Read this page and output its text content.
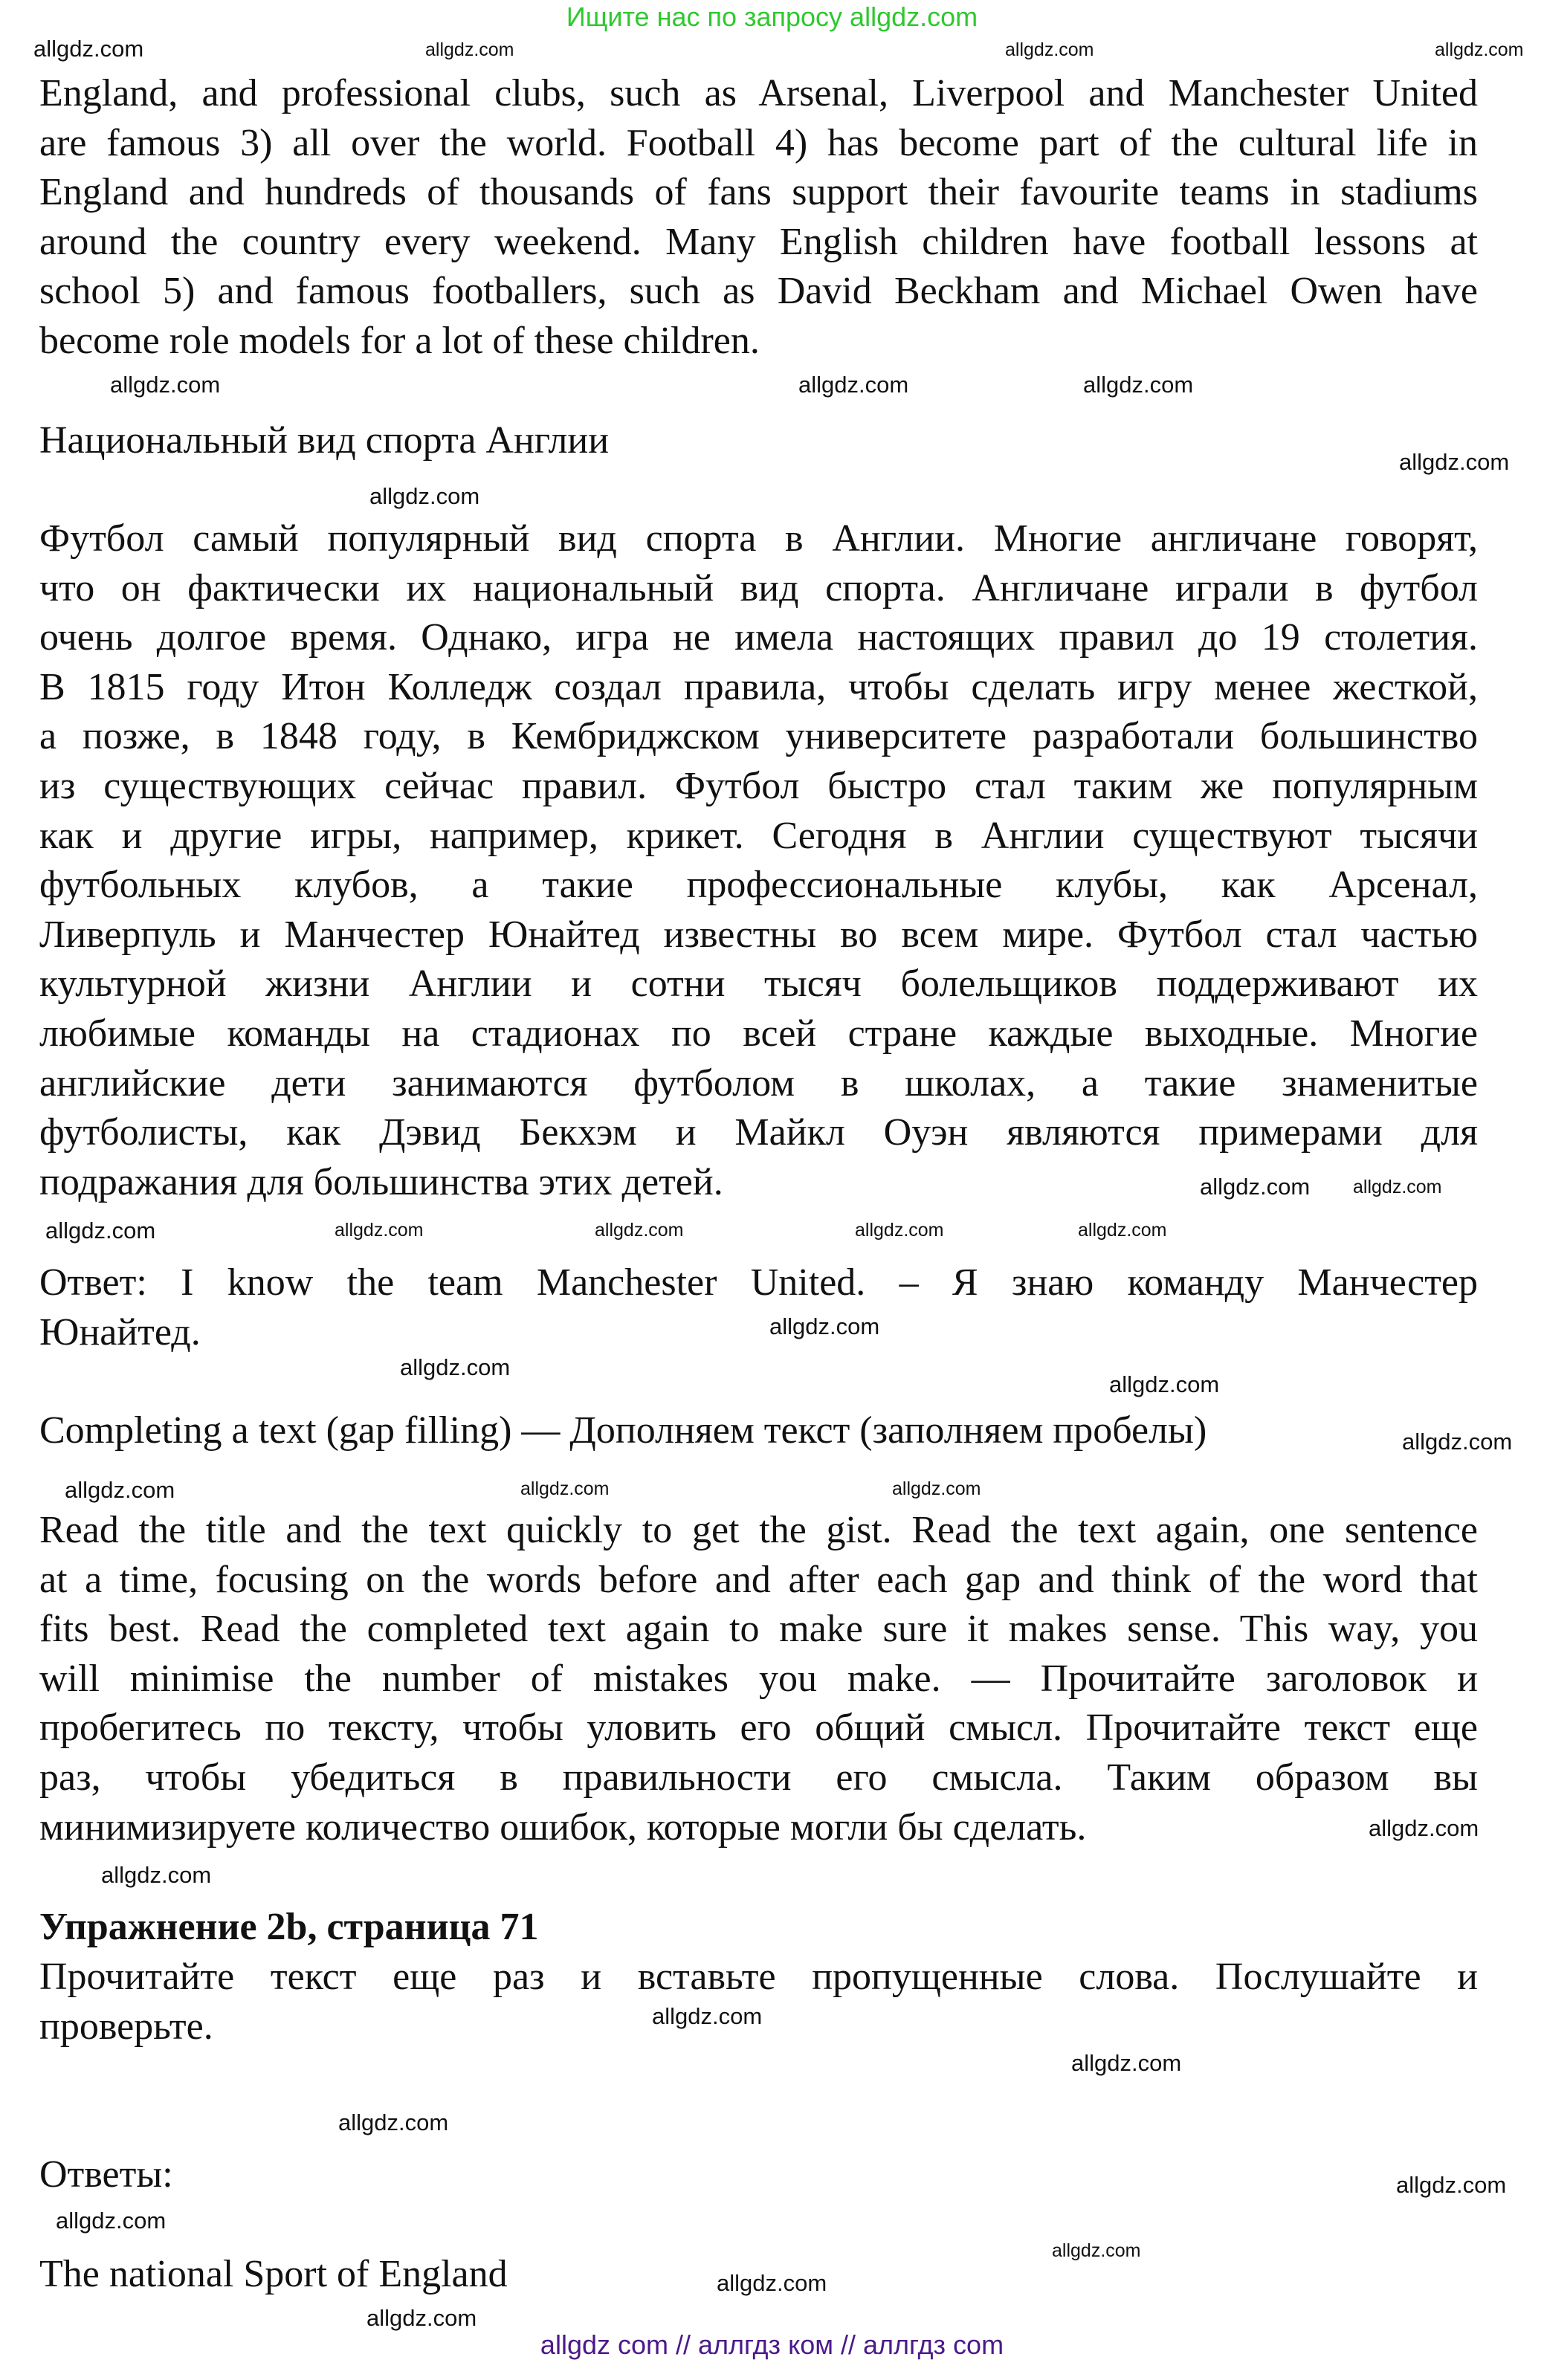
Ищите нас по запросу allgdz.com
England, and professional clubs, such as Arsenal, Liverpool and Manchester United
are famous 3) all over the world. Football 4) has become part of the cultural life in
England and hundreds of thousands of fans support their favourite teams in stadiums
around the country every weekend. Many English children have football lessons at
school 5) and famous footballers, such as David Beckham and Michael Owen have
become role models for a lot of these children.
Национальный вид спорта Англии
Футбол самый популярный вид спорта в Англии. Многие англичане говорят,
что он фактически их национальный вид спорта. Англичане играли в футбол
очень долгое время. Однако, игра не имела настоящих правил до 19 столетия.
В 1815 году Итон Колледж создал правила, чтобы сделать игру менее жесткой,
а позже, в 1848 году, в Кембриджском университете разработали большинство
из существующих сейчас правил. Футбол быстро стал таким же популярным
как и другие игры, например, крикет. Сегодня в Англии существуют тысячи
футбольных клубов, а такие профессиональные клубы, как Арсенал,
Ливерпуль и Манчестер Юнайтед известны во всем мире. Футбол стал частью
культурной жизни Англии и сотни тысяч болельщиков поддерживают их
любимые команды на стадионах по всей стране каждые выходные. Многие
английские дети занимаются футболом в школах, а такие знаменитые
футболисты, как Дэвид Бекхэм и Майкл Оуэн являются примерами для
подражания для большинства этих детей.
Ответ: I know the team Manchester United. – Я знаю команду Манчестер
Юнайтед.
Completing a text (gap filling) — Дополняем текст (заполняем пробелы)
Read the title and the text quickly to get the gist. Read the text again, one sentence
at a time, focusing on the words before and after each gap and think of the word that
fits best. Read the completed text again to make sure it makes sense. This way, you
will minimise the number of mistakes you make. — Прочитайте заголовок и
пробегитесь по тексту, чтобы уловить его общий смысл. Прочитайте текст еще
раз, чтобы убедиться в правильности его смысла. Таким образом вы
минимизируете количество ошибок, которые могли бы сделать.
Упражнение 2b, страница 71
Прочитайте текст еще раз и вставьте пропущенные слова. Послушайте и
проверьте.
Ответы:
The national Sport of England
allgdz.com	allgdz.com	allgdz.com
allgdz.com
allgdz.com
allgdz.com
allgdz.com
allgdz.com
allgdz.com
allgdz.com
allgdz.com	allgdz.com	allgdz.com	allgdz.com
allgdz.com
allgdz.com
allgdz.com
allgdz.com
allgdz.com
allgdz.com
allgdz.com	allgdz.com	allgdz.com
allgdz.com
allgdz.com
allgdz.com
allgdz.com
allgdz.com
allgdz.com
allgdz.com
allgdz.com
allgdz.com
allgdz.com
allgdz com // аллгдз ком // аллгдз com
